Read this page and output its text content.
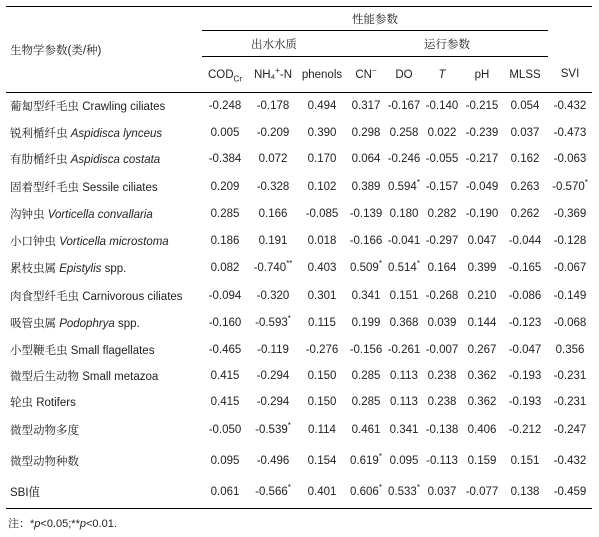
生物学参数(类/种)	性能参数								
	出水水质			运行参数					
	$COD_{Cr}$	NH₄+-N	phenols		CN−	DO	T	pH	MLSS	SVI
葡匐型纤毛虫 Crawling ciliates	-0.248	-0.178	0.494		0.317	-0.167	-0.140	-0.215	0.054	-0.432
锐利楯纤虫 Aspidisca lynceus	0.005	-0.209	0.390		0.298	0.258	0.022	-0.239	0.037	-0.473
有肋楯纤虫 Aspidisca costata	-0.384	0.072	0.170		0.064	-0.246	-0.055	-0.217	0.162	-0.063
固着型纤毛虫 Sessile ciliates	0.209	-0.328	0.102		0.389	0.594*	-0.157	-0.049	0.263	-0.570*
沟钟虫 Vorticella convallaria	0.285	0.166	-0.085		-0.139	0.180	0.282	-0.190	0.262	-0.369
小口钟虫 Vorticella microstoma	0.186	0.191	0.018		-0.166	-0.041	-0.297	0.047	-0.044	-0.128
累枝虫属 Epistylis spp.	0.082	-0.740**	0.403		0.509*	0.514*	0.164	0.399	-0.165	-0.067
肉食型纤毛虫 Carnivorous ciliates	-0.094	-0.320	0.301		0.341	0.151	-0.268	0.210	-0.086	-0.149
吸管虫属 Podophrya spp.	-0.160	-0.593*	0.115		0.199	0.368	0.039	0.144	-0.123	-0.068
小型鞭毛虫 Small flagellates	-0.465	-0.119	-0.276		-0.156	-0.261	-0.007	0.267	-0.047	0.356
微型后生动物 Small metazoa	0.415	-0.294	0.150		0.285	0.113	0.238	0.362	-0.193	-0.231
轮虫 Rotifers	0.415	-0.294	0.150		0.285	0.113	0.238	0.362	-0.193	-0.231
微型动物多度	-0.050	-0.539*	0.114		0.461	0.341	-0.138	0.406	-0.212	-0.247
微型动物种数	0.095	-0.496	0.154		0.619*	0.095	-0.113	0.159	0.151	-0.432
SBI值	0.061	-0.566*	0.401		0.606*	0.533*	0.037	-0.077	0.138	-0.459
注：*p<0.05;**p<0.01.
